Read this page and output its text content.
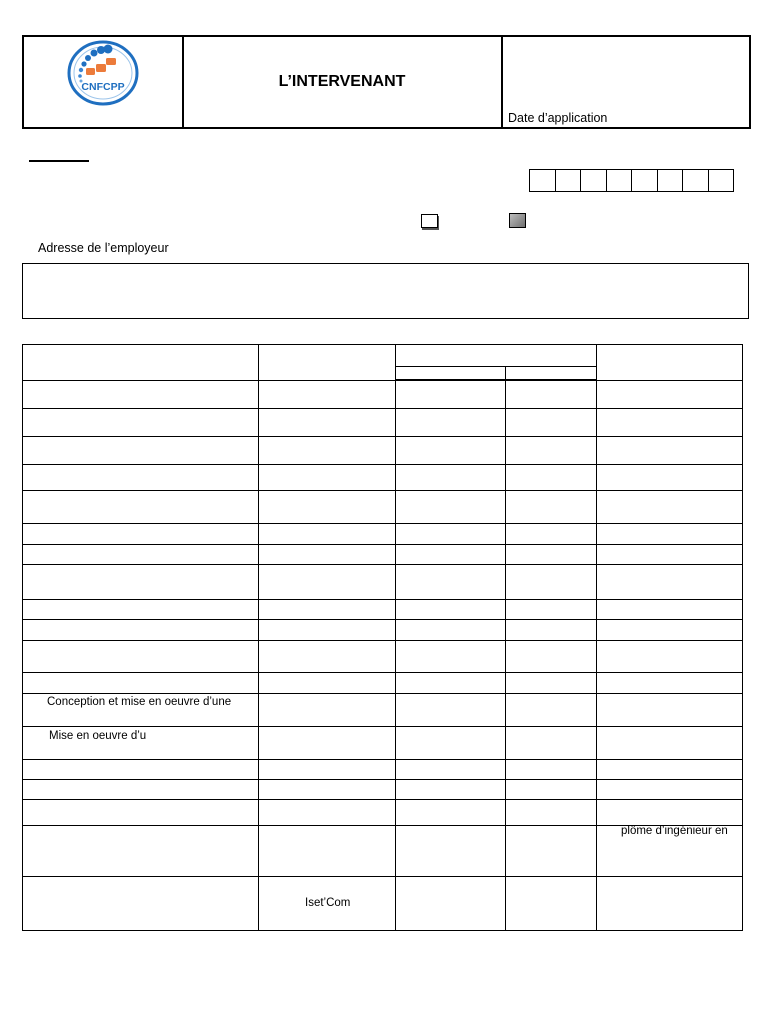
CNFCPP	L’INTERVENANT
Date d’application
Adresse de l’employeur
Conception et mise en oeuvre d’une
Mise en oeuvre d’u
plôme d’ingénieur en
Iset’Com
